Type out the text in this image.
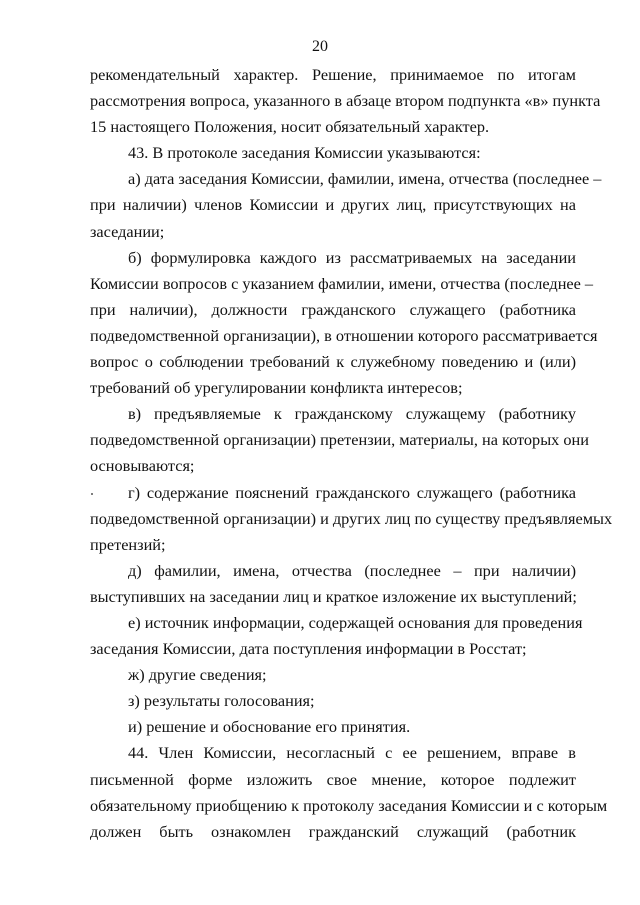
20
рекомендательный характер. Решение, принимаемое по итогам
рассмотрения вопроса, указанного в абзаце втором подпункта «в» пункта
15 настоящего Положения, носит обязательный характер.
43. В протоколе заседания Комиссии указываются:
а) дата заседания Комиссии, фамилии, имена, отчества (последнее –
при наличии) членов Комиссии и других лиц, присутствующих на
заседании;
б) формулировка каждого из рассматриваемых на заседании
Комиссии вопросов с указанием фамилии, имени, отчества (последнее –
при наличии), должности гражданского служащего (работника
подведомственной организации), в отношении которого рассматривается
вопрос о соблюдении требований к служебному поведению и (или)
требований об урегулировании конфликта интересов;
в) предъявляемые к гражданскому служащему (работнику
подведомственной организации) претензии, материалы, на которых они
основываются;
г) содержание пояснений гражданского служащего (работника
подведомственной организации) и других лиц по существу предъявляемых
претензий;
д) фамилии, имена, отчества (последнее – при наличии)
выступивших на заседании лиц и краткое изложение их выступлений;
е) источник информации, содержащей основания для проведения
заседания Комиссии, дата поступления информации в Росстат;
ж) другие сведения;
з) результаты голосования;
и) решение и обоснование его принятия.
44. Член Комиссии, несогласный с ее решением, вправе в
письменной форме изложить свое мнение, которое подлежит
обязательному приобщению к протоколу заседания Комиссии и с которым
должен быть ознакомлен гражданский служащий (работник
